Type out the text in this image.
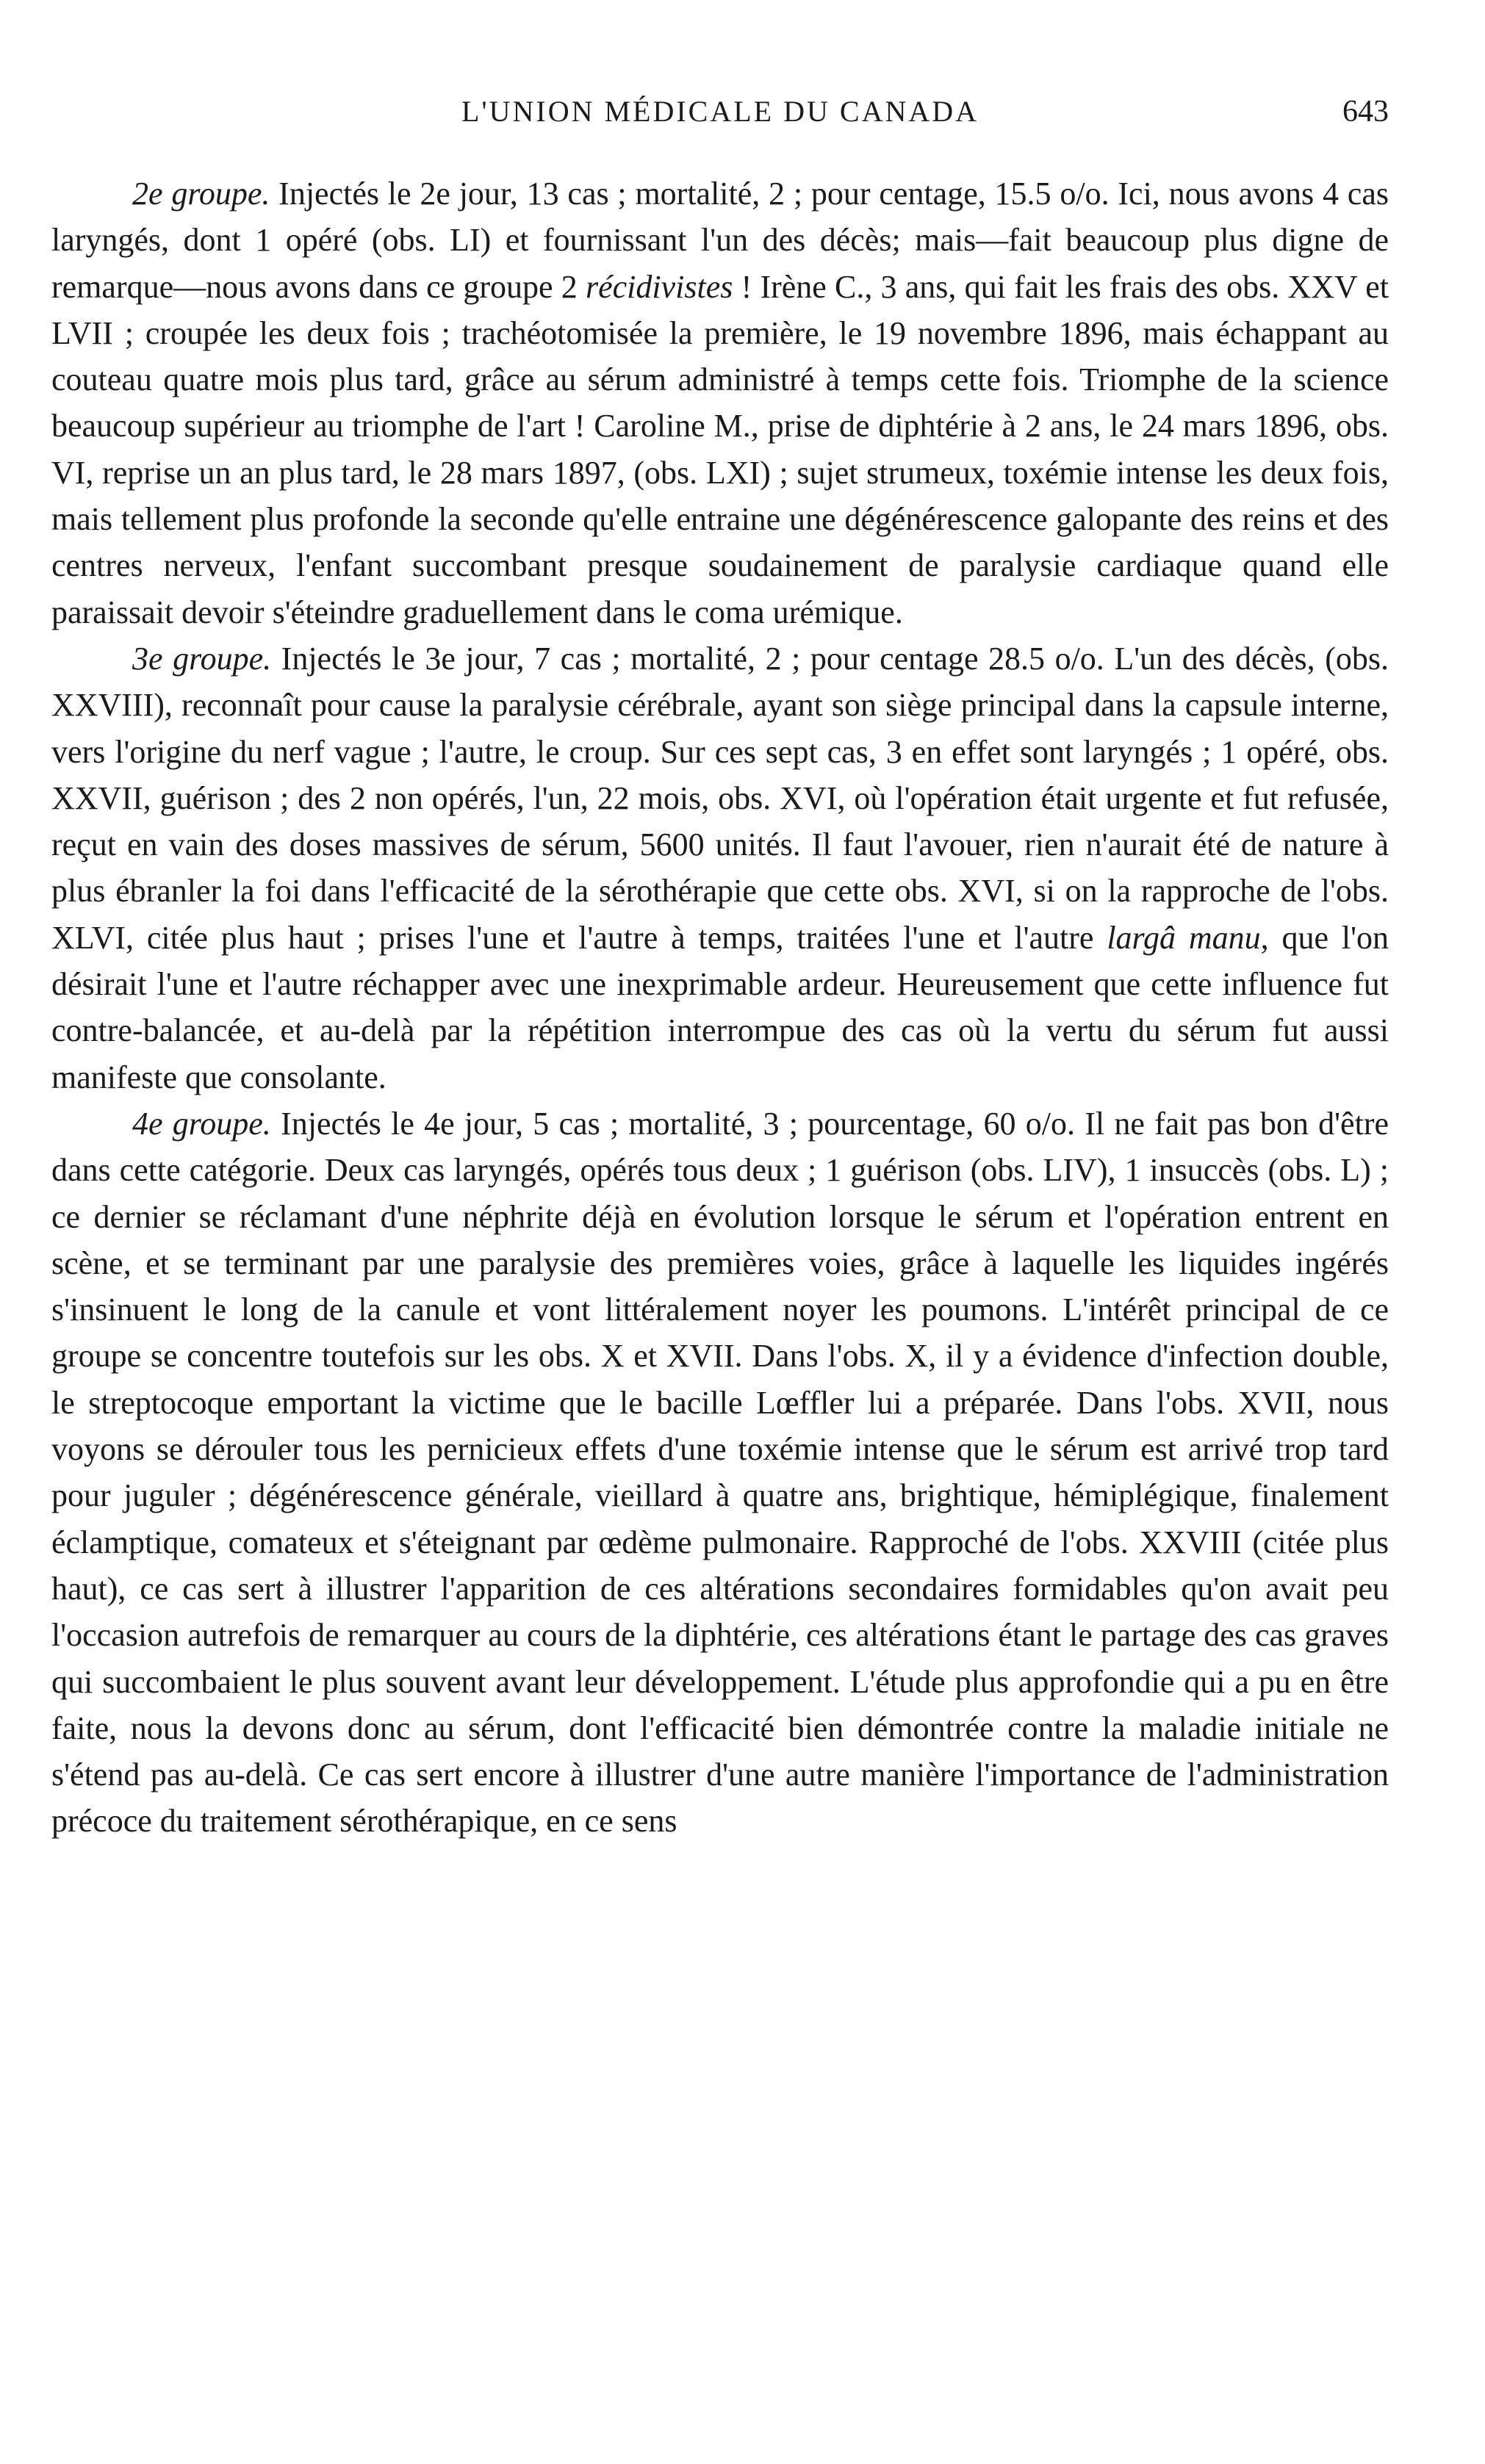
L'UNION MÉDICALE DU CANADA	643

2e groupe. Injectés le 2e jour, 13 cas ; mortalité, 2 ; pour centage, 15.5 o/o. Ici, nous avons 4 cas laryngés, dont 1 opéré (obs. LI) et fournissant l'un des décès; mais—fait beaucoup plus digne de remarque—nous avons dans ce groupe 2 récidivistes ! Irène C., 3 ans, qui fait les frais des obs. XXV et LVII ; croupée les deux fois ; trachéotomisée la première, le 19 novembre 1896, mais échappant au couteau quatre mois plus tard, grâce au sérum administré à temps cette fois. Triomphe de la science beaucoup supérieur au triomphe de l'art ! Caroline M., prise de diphtérie à 2 ans, le 24 mars 1896, obs. VI, reprise un an plus tard, le 28 mars 1897, (obs. LXI) ; sujet strumeux, toxémie intense les deux fois, mais tellement plus profonde la seconde qu'elle entraine une dégénérescence galopante des reins et des centres nerveux, l'enfant succombant presque soudainement de paralysie cardiaque quand elle paraissait devoir s'éteindre graduellement dans le coma urémique.

3e groupe. Injectés le 3e jour, 7 cas ; mortalité, 2 ; pour centage 28.5 o/o. L'un des décès, (obs. XXVIII), reconnaît pour cause la paralysie cérébrale, ayant son siège principal dans la capsule interne, vers l'origine du nerf vague ; l'autre, le croup. Sur ces sept cas, 3 en effet sont laryngés ; 1 opéré, obs. XXVII, guérison ; des 2 non opérés, l'un, 22 mois, obs. XVI, où l'opération était urgente et fut refusée, reçut en vain des doses massives de sérum, 5600 unités. Il faut l'avouer, rien n'aurait été de nature à plus ébranler la foi dans l'efficacité de la sérothérapie que cette obs. XVI, si on la rapproche de l'obs. XLVI, citée plus haut ; prises l'une et l'autre à temps, traitées l'une et l'autre largâ manu, que l'on désirait l'une et l'autre réchapper avec une inexprimable ardeur. Heureusement que cette influence fut contre-balancée, et au-delà par la répétition interrompue des cas où la vertu du sérum fut aussi manifeste que consolante.

4e groupe. Injectés le 4e jour, 5 cas ; mortalité, 3 ; pourcentage, 60 o/o. Il ne fait pas bon d'être dans cette catégorie. Deux cas laryngés, opérés tous deux ; 1 guérison (obs. LIV), 1 insuccès (obs. L) ; ce dernier se réclamant d'une néphrite déjà en évolution lorsque le sérum et l'opération entrent en scène, et se terminant par une paralysie des premières voies, grâce à laquelle les liquides ingérés s'insinuent le long de la canule et vont littéralement noyer les poumons. L'intérêt principal de ce groupe se concentre toutefois sur les obs. X et XVII. Dans l'obs. X, il y a évidence d'infection double, le streptocoque emportant la victime que le bacille Lœffler lui a préparée. Dans l'obs. XVII, nous voyons se dérouler tous les pernicieux effets d'une toxémie intense que le sérum est arrivé trop tard pour juguler ; dégénérescence générale, vieillard à quatre ans, brightique, hémiplégique, finalement éclamptique, comateux et s'éteignant par œdème pulmonaire. Rapproché de l'obs. XXVIII (citée plus haut), ce cas sert à illustrer l'apparition de ces altérations secondaires formidables qu'on avait peu l'occasion autrefois de remarquer au cours de la diphtérie, ces altérations étant le partage des cas graves qui succombaient le plus souvent avant leur développement. L'étude plus approfondie qui a pu en être faite, nous la devons donc au sérum, dont l'efficacité bien démontrée contre la maladie initiale ne s'étend pas au-delà. Ce cas sert encore à illustrer d'une autre manière l'importance de l'administration précoce du traitement sérothérapique, en ce sens
